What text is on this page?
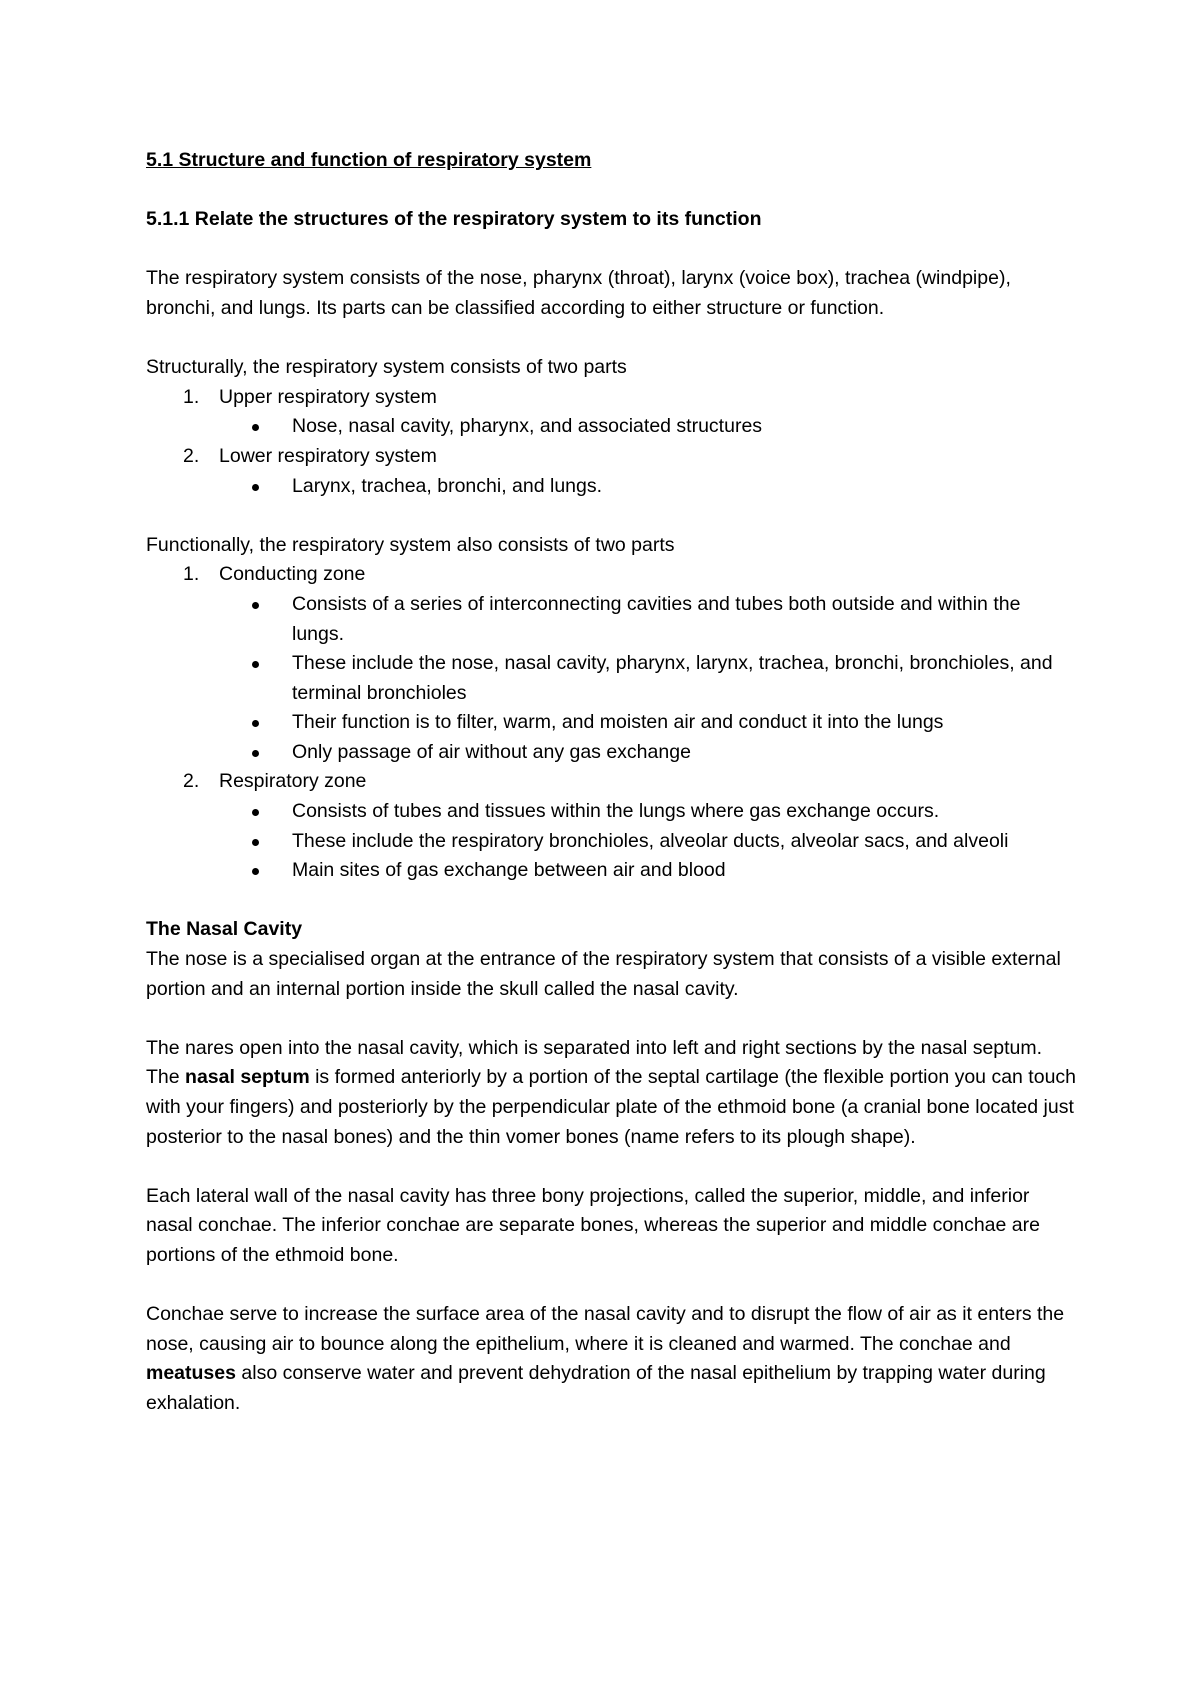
5.1 Structure and function of respiratory system

5.1.1 Relate the structures of the respiratory system to its function

The respiratory system consists of the nose, pharynx (throat), larynx (voice box), trachea (windpipe), bronchi, and lungs. Its parts can be classified according to either structure or function.

Structurally, the respiratory system consists of two parts

1. Upper respiratory system
Nose, nasal cavity, pharynx, and associated structures
2. Lower respiratory system
Larynx, trachea, bronchi, and lungs.

Functionally, the respiratory system also consists of two parts

1. Conducting zone
Consists of a series of interconnecting cavities and tubes both outside and within the lungs.
These include the nose, nasal cavity, pharynx, larynx, trachea, bronchi, bronchioles, and terminal bronchioles
Their function is to filter, warm, and moisten air and conduct it into the lungs
Only passage of air without any gas exchange
2. Respiratory zone
Consists of tubes and tissues within the lungs where gas exchange occurs.
These include the respiratory bronchioles, alveolar ducts, alveolar sacs, and alveoli
Main sites of gas exchange between air and blood

The Nasal Cavity

The nose is a specialised organ at the entrance of the respiratory system that consists of a visible external portion and an internal portion inside the skull called the nasal cavity.

The nares open into the nasal cavity, which is separated into left and right sections by the nasal septum. The nasal septum is formed anteriorly by a portion of the septal cartilage (the flexible portion you can touch with your fingers) and posteriorly by the perpendicular plate of the ethmoid bone (a cranial bone located just posterior to the nasal bones) and the thin vomer bones (name refers to its plough shape).

Each lateral wall of the nasal cavity has three bony projections, called the superior, middle, and inferior nasal conchae. The inferior conchae are separate bones, whereas the superior and middle conchae are portions of the ethmoid bone.

Conchae serve to increase the surface area of the nasal cavity and to disrupt the flow of air as it enters the nose, causing air to bounce along the epithelium, where it is cleaned and warmed. The conchae and meatuses also conserve water and prevent dehydration of the nasal epithelium by trapping water during exhalation.
